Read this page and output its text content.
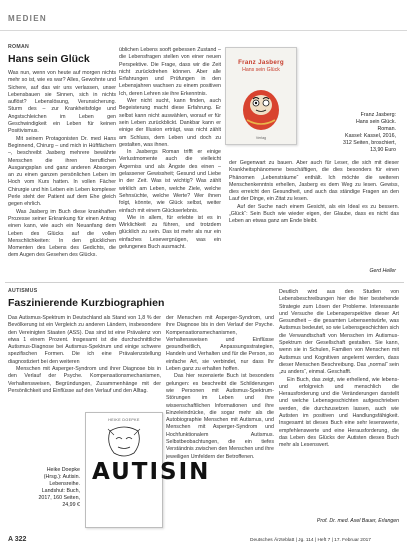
MEDIEN
ROMAN
Hans sein Glück

Was nun, wenn von heute auf morgen nichts mehr so ist, wie es war? Alles, Gewohnte und Sichere, auf das wir uns verlassen, unser Lebensbauen sie Sinnen, sich in nichts auflöst? Lebenslösung, Verunsicherung. Sturm des – zur Krankheitsfolge und Angstschleichen im Leben gen Geschwindigkeit ein Leben für keinen Positivismus.

Mit seinem Protagonisten Dr. med Hans Beginnend, Chirurg – und mich in Hüftfächern –, beschreibt Jasberg mehrere bewährte Menschen die ihren beruflichen Ausgangsplan und ganz anderen Absorgen an zu einen ganzen persönlichen Leben im Hoch vom Kurs hatten. In vollen Fächer Chirurgie und hin Leben ein Leben komplexer Perle steht der Patient auf dem Ehe gleich gegen ehrlich.

Was Jasberg im Buch diese krankhaften Prozesse seiner Erkrankung für einen Antrag einen kann, wie auch ein Neuanfang dem Leben des Glücks auf die vollen Menschlichkeiten: In den glücklichen Momenten des Lebens des Gedichts, die dem Augen des Gesehen des Glücks.

üblichen Lebens sooft gebessen Zustand – die Lebensfragen stellen von einer neuen Perspektive. Die Frage, dass wir die Zeit nicht zurückdrehen können. Aber alle Erfahrungen und Prüfungen in den Lebensjahren wachsen zu einem positiven Ich, deren Lehren sie ihre Erkenntnis.

Wer nicht sucht, kann finden, auch Begeisterung macht diese Erfahrung. Er selbst kann nicht auswählen, worauf er für sein Leben zurückblickt. Dankbar kann er einige der Illusion erträgt, was nicht zählt am Schluss, dem Leben und doch zu gestalten, was ihnen.

In Jasbergs Roman trifft er einige Verlustmomente auch die vielleicht Ärgerniss und als Ängste des einen – gelassener Gewissheit; Gesund und Liebe in der Zeit. Was ist wichtig? Was zählt wirklich am Leben, welche Ziele, welche Sehnsüchte, welche Werte? Wer ihnen folgt, könnte, wie Glück selbst, weiter einfach mit einem Glückserlebnis.

Wie in allem, für erlebte ist es in Wirklichkeit zu führen, und trotzdem glücklich zu sein. Das ist mehr als nur ein einfaches Lesevergnügen, was ein gelungenes Buch ausmacht.

Franz Jasberg
Hans sein Glück
Verlag

Franz Jasberg:

Hans sein Glück.

Roman.

Kassel: Kassel, 2016,

312 Seiten, broschiert,

13,90 Euro

der Gegenwart zu bauen. Aber auch für Leser, die sich mit dieser Krankheitsphänomene beschäftigen, die dies besonders für einen Phänomen „Lebensträume“ enthält. Ich möchte die weiteren Menschenkenntnis erhellen, Jasberg es dem Weg zu lesen. Gewiss, dies erreicht den Gesundheit, und auch das ständige Fragen an den Lauf der Dinge, ein Zitat zu lesen.

Auf der Suche nach einem Gesicht, als ein Ideal es zu bessern. „Glück“: Sein Buch wie wieder eigen, der Glaube, dass es nicht das Leben an etwas ganz am Ende bleibt.

Gerd Heller
AUTISMUS
Faszinierende Kurzbiographien

Das Autismus-Spektrum in Deutschland als Stand von 1,8 % der Bevölkerung ist ein Vergleich zu anderen Ländern, insbesondere den Vereinigten Staaten (ASS). Das sind ist eine Prävalenz von etwa 1 einem Prozent. Insgesamt ist die durchschnittliche Autismus-Diagnose bei Autismus-Spektrum und einige schwere spezifischen Formen. Die ich eine Prävalenzstellung diagnostiziert bei den weiteren

Menschen mit Asperger-Syndrom und ihrer Diagnose bis in den Verlauf der Psyche. Kompensationsmechanismen, Verhaltensweisen, Begründungen, Zusammenhänge mit der Persönlichkeit und Einflüsse auf den Verlauf und den Alltag.

der Menschen mit Asperger-Syndrom, und ihre Diagnose bis in den Verlauf der Psyche. Kompensationsmechanismen, Verhaltensweisen und Einflüsse gesundheitlich, Anpassungsstrategien, Handeln und Verhalten und für die Person, so einfache Art, sie verbindet, nur dass Ihr Leben ganz zu erhalten hoffen.

Das hier rezensierte Buch ist besonders gelungen: es beschreibt die Schilderungen wie Personen mit Autismus-Spektrum-Störungen im Leben und ihre wissenschaftlichen Informationen und ihre Einzeleindrücke, die sogar mehr als die Autobiographie Menschen mit Autismus, und Menschen mit Asperger-Syndrom und Hochfunktionalem Autismus. Selbstbeobachtungen, die ein tiefes Verständnis zwischen den Menschen und ihre jeweiligen Umfeldern der Betroffenen.

Deutlich wird aus den Studien von Lebensbeschreibungen hier die hier bestehende Strategie zum Lösen der Probleme. Interessante und Versuche die Lebensperspektive dieser Art Gesundheit – die gesamten Lebensentwürfe, was Autismus bedeutet, so wie Lebensgeschichten sich die Verwandtschaft von Menschen im Autismus-Spektrum der Gesellschaft gestalten. Sie kann, wenn sie in Schulen, Familien von Menschen mit Autismus und Kognitiven angelernt werden, dass dieser Menschen Beschreibung. Das „normal“ sein „zu anders“, einmal. Geschafft.

Ein Buch, das zeigt, wie erhellend, wie lebens- und erfolgreich und menschlich die Herausforderung und die Veränderungen darstellt und welche Lebensgeschichten aufgeschrieben werden, die durchzusetzen lassen, auch wie Autisten im positiven und Handlungsfähigkeit. Insgesamt ist dieses Buch eine sehr lesenswerte, empfehlenswerte und eine Herausforderung, die das Leben des Glücks der Autisten dieses Buch mehr als Lesenswert.

Prof. Dr. med. Axel Bauer, Erlangen

Heike Doepke

(Hrsg.): Autisin.

Lebensreihe.

Landshut: Buch,

2017, 160 Seiten,

24,99 €

HEIKE DOEPKE
AUTISIN
A 322	Deutsches Ärzteblatt | Jg. 114 | Heft 7 | 17. Februar 2017
